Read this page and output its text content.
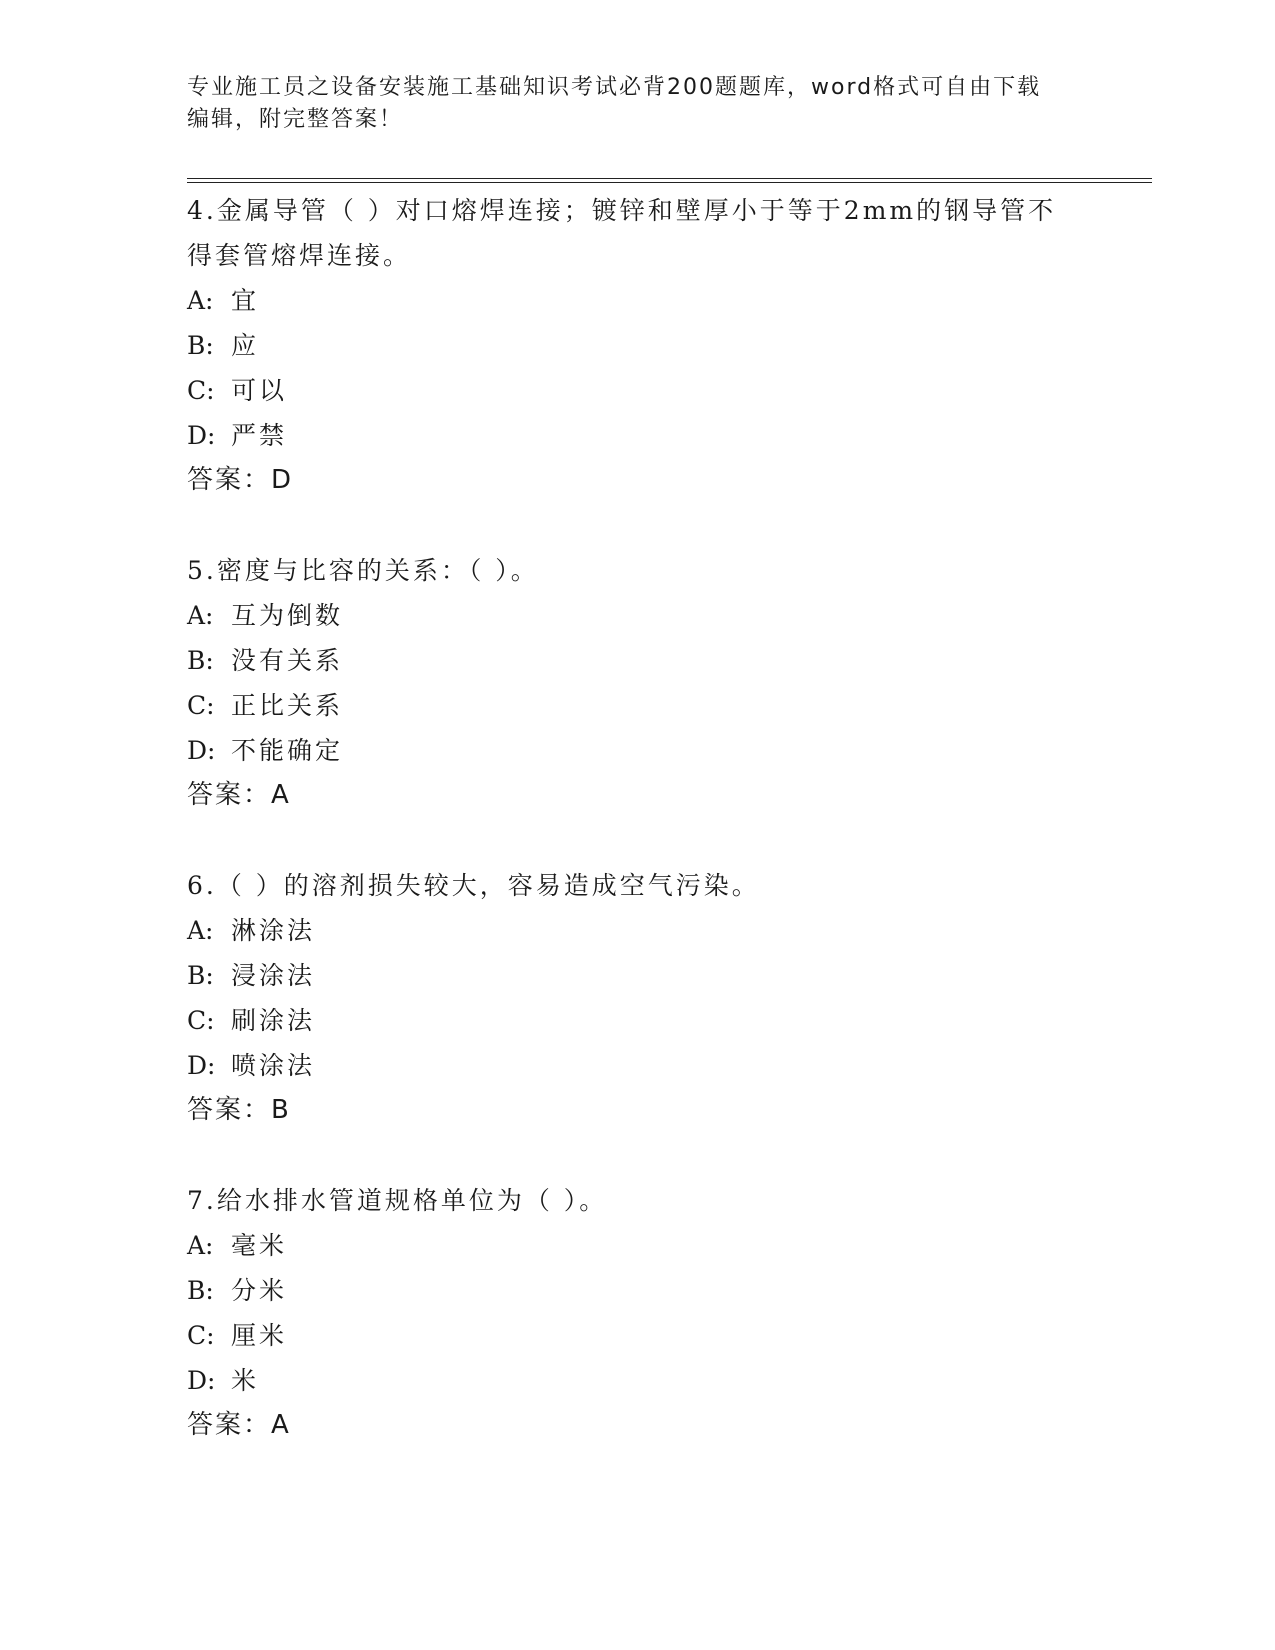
专业施工员之设备安装施工基础知识考试必背200题题库，word格式可自由下载
编辑，附完整答案！

4.金属导管（ ）对口熔焊连接；镀锌和壁厚小于等于2mm的钢导管不

得套管熔焊连接。

A: 宜

B: 应

C: 可以

D: 严禁

答案：D

5.密度与比容的关系：（ ）。

A: 互为倒数

B: 没有关系

C: 正比关系

D: 不能确定

答案：A

6.（ ）的溶剂损失较大，容易造成空气污染。

A: 淋涂法

B: 浸涂法

C: 刷涂法

D: 喷涂法

答案：B

7.给水排水管道规格单位为（ ）。

A: 毫米

B: 分米

C: 厘米

D: 米

答案：A
